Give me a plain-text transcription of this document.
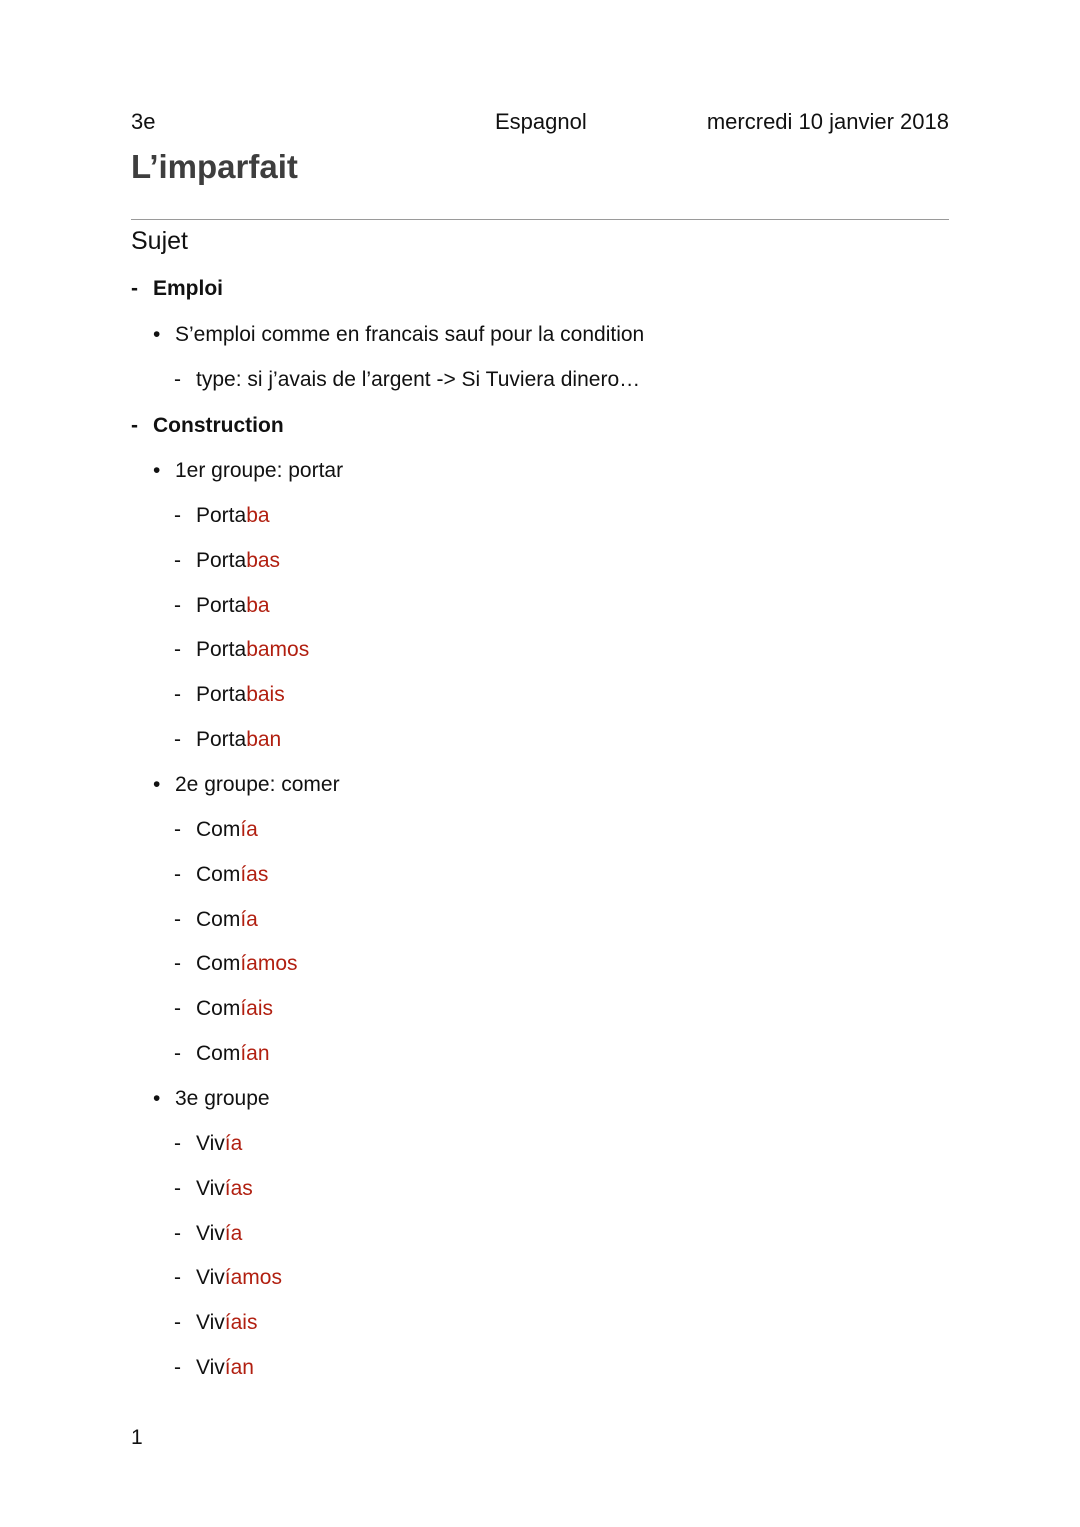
3e	Espagnol	mercredi 10 janvier 2018
L’imparfait
Sujet
- Emploi
• S’emploi comme en francais sauf pour la condition
- type: si j’avais de l’argent -> Si Tuviera dinero…
- Construction
• 1er groupe: portar
- Portaba
- Portabas
- Portaba
- Portabamos
- Portabais
- Portaban
• 2e groupe: comer
- Comía
- Comías
- Comía
- Comíamos
- Comíais
- Comían
• 3e groupe
- Vivía
- Vivías
- Vivía
- Vivíamos
- Vivíais
- Vivían
1
